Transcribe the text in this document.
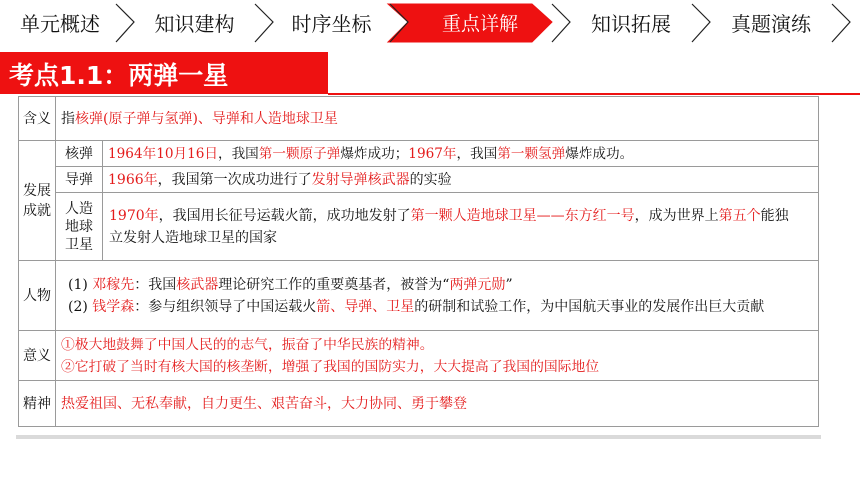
单元概述	知识建构	时序坐标	重点详解	知识拓展	真题演练
考点1.1：两弹一星
含义	指核弹(原子弹与氢弹)、导弹和人造地球卫星	
发展成就	核弹	1964年10月16日，我国第一颗原子弹爆炸成功；1967年，我国第一颗氢弹爆炸成功。
	导弹	1966年，我国第一次成功进行了发射导弹核武器的实验
	人造地球卫星	1970年，我国用长征号运载火箭，成功地发射了第一颗人造地球卫星——东方红一号，成为世界上第五个能独立发射人造地球卫星的国家
人物	(1) 邓稼先：我国核武器理论研究工作的重要奠基者，被誉为“两弹元勋”
(2) 钱学森：参与组织领导了中国运载火箭、导弹、卫星的研制和试验工作，为中国航天事业的发展作出巨大贡献	

意义	①极大地鼓舞了中国人民的的志气，振奋了中华民族的精神。
②它打破了当时有核大国的核垄断，增强了我国的国防实力，大大提高了我国的国际地位	

精神	热爱祖国、无私奉献，自力更生、艰苦奋斗，大力协同、勇于攀登	
